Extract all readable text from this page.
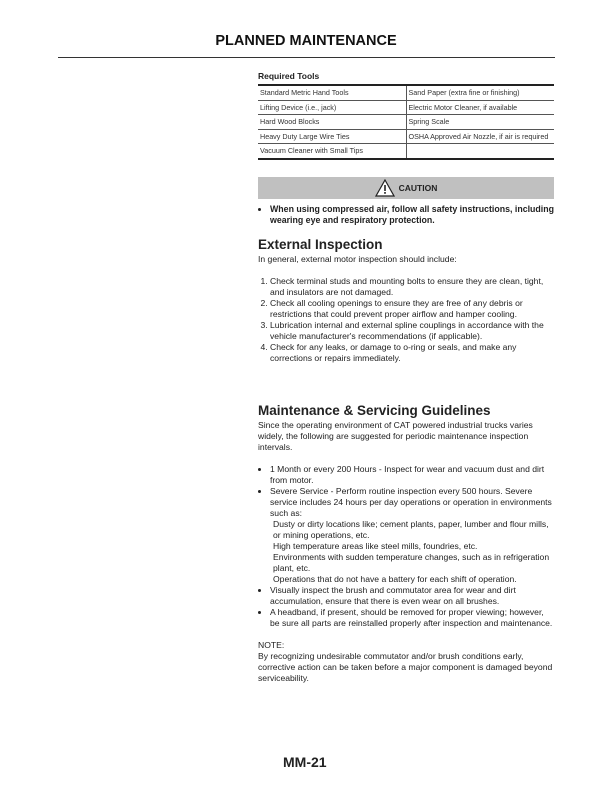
PLANNED MAINTENANCE
Required Tools
Standard Metric Hand Tools	Sand Paper (extra fine or finishing)
Lifting Device (i.e., jack)	Electric Motor Cleaner, if available
Hard Wood Blocks	Spring Scale
Heavy Duty Large Wire Ties	OSHA Approved Air Nozzle, if air is required
Vacuum Cleaner with Small Tips	
CAUTION
• When using compressed air, follow all safety instructions, including wearing eye and respiratory protection.
External Inspection
In general, external motor inspection should include:
1. Check terminal studs and mounting bolts to ensure they are clean, tight, and insulators are not damaged.
2. Check all cooling openings to ensure they are free of any debris or restrictions that could prevent proper airflow and hamper cooling.
3. Lubrication internal and external spline couplings in accordance with the vehicle manufacturer's recommendations (if applicable).
4. Check for any leaks, or damage to o-ring or seals, and make any corrections or repairs immediately.
Maintenance & Servicing Guidelines
Since the operating environment of CAT powered industrial trucks varies widely, the following are suggested for periodic maintenance inspection intervals.
• 1 Month or every 200 Hours - Inspect for wear and vacuum dust and dirt from motor.
• Severe Service - Perform routine inspection every 500 hours. Severe service includes 24 hours per day operations or operation in environments such as:
Dusty or dirty locations like; cement plants, paper, lumber and flour mills, or mining operations, etc.
High temperature areas like steel mills, foundries, etc.
Environments with sudden temperature changes, such as in refrigeration plant, etc.
Operations that do not have a battery for each shift of operation.
• Visually inspect the brush and commutator area for wear and dirt accumulation, ensure that there is even wear on all brushes.
• A headband, if present, should be removed for proper viewing; however, be sure all parts are reinstalled properly after inspection and maintenance.
NOTE:
By recognizing undesirable commutator and/or brush conditions early, corrective action can be taken before a major component is damaged beyond serviceability.
MM-21
